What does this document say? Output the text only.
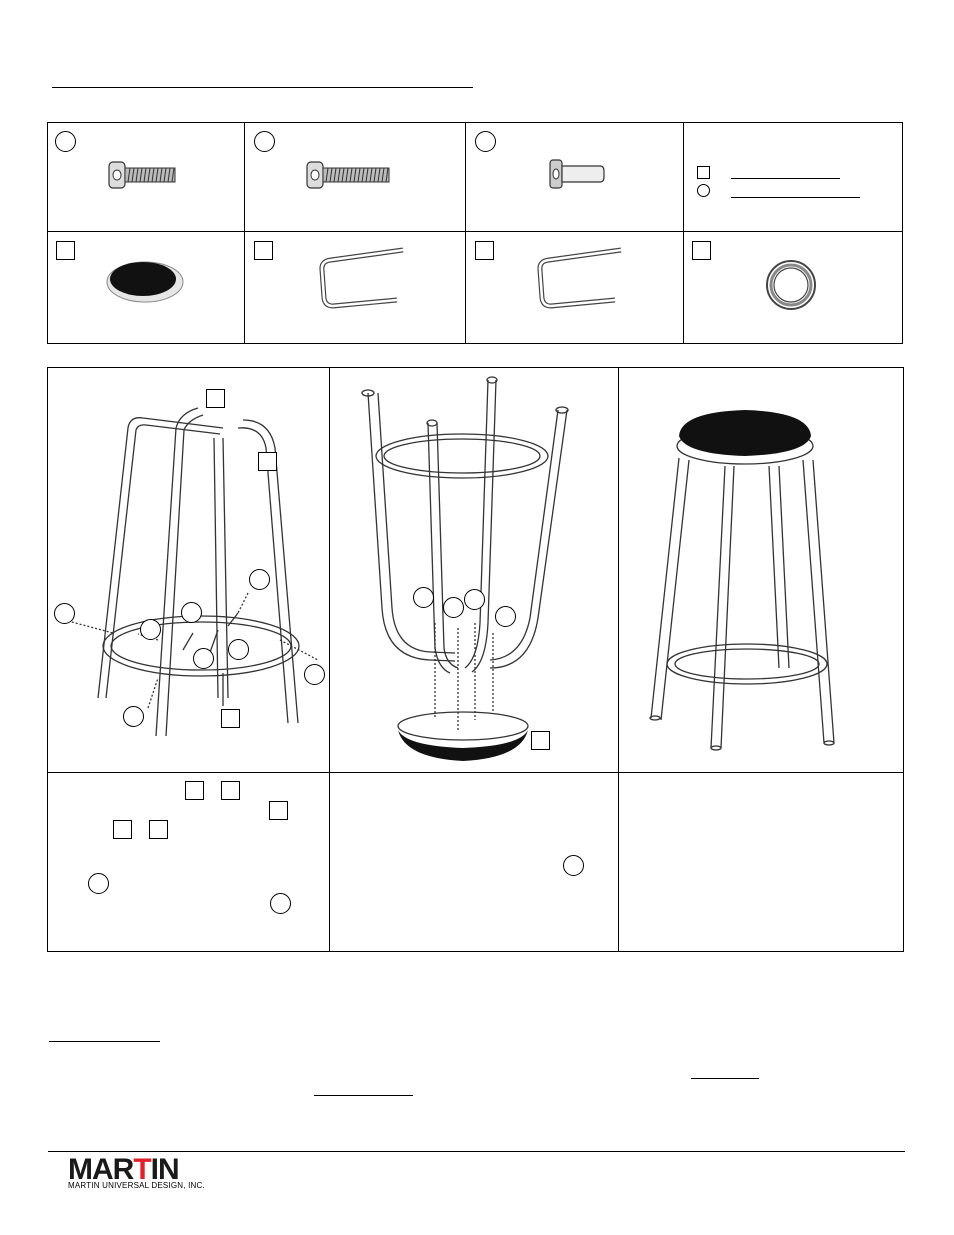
MARTIN
MARTIN UNIVERSAL DESIGN, INC.
